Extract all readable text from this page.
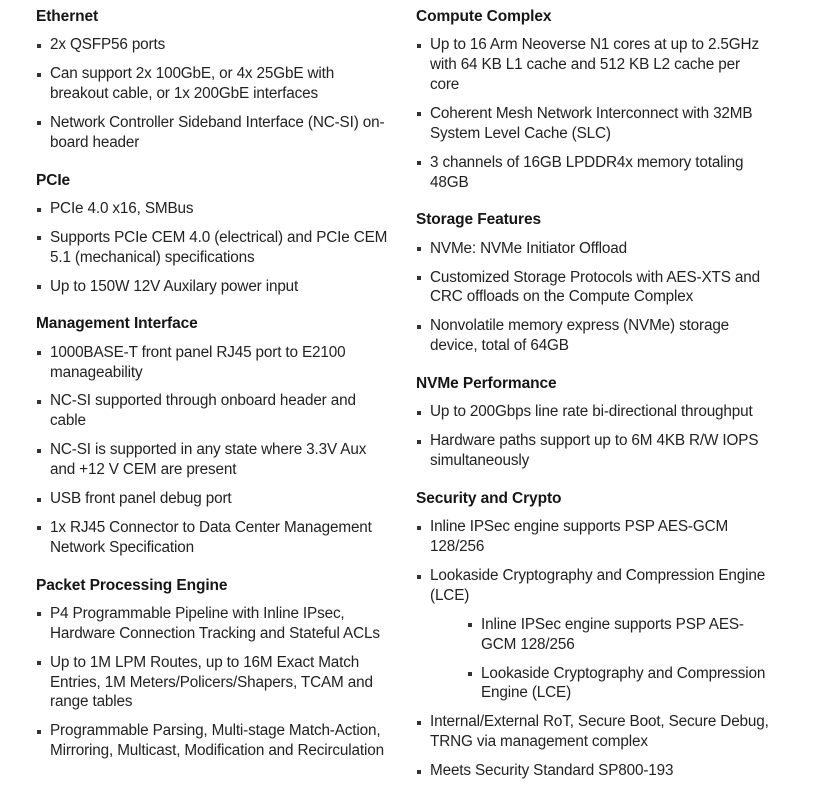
Ethernet
2x QSFP56 ports
Can support 2x 100GbE, or 4x 25GbE with breakout cable, or 1x 200GbE interfaces
Network Controller Sideband Interface (NC-SI) on-board header
PCIe
PCIe 4.0 x16, SMBus
Supports PCIe CEM 4.0 (electrical) and PCIe CEM 5.1 (mechanical) specifications
Up to 150W 12V Auxilary power input
Management Interface
1000BASE-T front panel RJ45 port to E2100 manageability
NC-SI supported through onboard header and cable
NC-SI is supported in any state where 3.3V Aux and +12 V CEM are present
USB front panel debug port
1x RJ45 Connector to Data Center Management Network Specification
Packet Processing Engine
P4 Programmable Pipeline with Inline IPsec, Hardware Connection Tracking and Stateful ACLs
Up to 1M LPM Routes, up to 16M Exact Match Entries, 1M Meters/Policers/Shapers, TCAM and range tables
Programmable Parsing, Multi-stage Match-Action, Mirroring, Multicast, Modification and Recirculation
Compute Complex
Up to 16 Arm Neoverse N1 cores at up to 2.5GHz with 64 KB L1 cache and 512 KB L2 cache per core
Coherent Mesh Network Interconnect with 32MB System Level Cache (SLC)
3 channels of 16GB LPDDR4x memory totaling 48GB
Storage Features
NVMe: NVMe Initiator Offload
Customized Storage Protocols with AES-XTS and CRC offloads on the Compute Complex
Nonvolatile memory express (NVMe) storage device, total of 64GB
NVMe Performance
Up to 200Gbps line rate bi-directional throughput
Hardware paths support up to 6M 4KB R/W IOPS simultaneously
Security and Crypto
Inline IPSec engine supports PSP AES-GCM 128/256
Lookaside Cryptography and Compression Engine (LCE)
Inline IPSec engine supports PSP AES-GCM 128/256
Lookaside Cryptography and Compression Engine (LCE)
Internal/External RoT, Secure Boot, Secure Debug, TRNG via management complex
Meets Security Standard SP800-193
